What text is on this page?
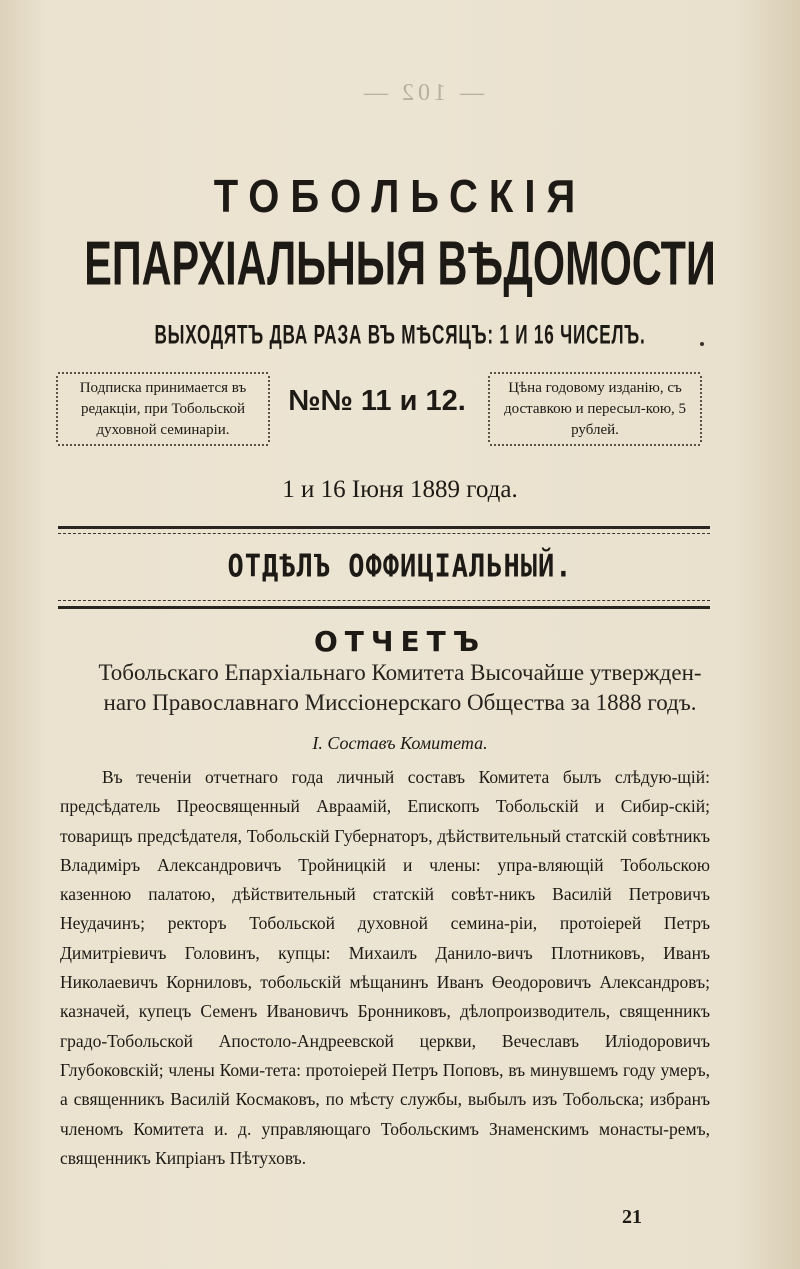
— 102 —
ТОБОЛЬСКІЯ
ЕПАРХІАЛЬНЫЯ ВѢДОМОСТИ
ВЫХОДЯТЪ ДВА РАЗА ВЪ МѢСЯЦЪ: 1 И 16 ЧИСЕЛЪ.
Подписка принимается въ редакціи, при Тобольской духовной семинаріи.
№№ 11 и 12.	Цѣна годовому изданію, съ доставкою и пересыл-кою, 5 рублей.
1 и 16 Іюня 1889 года.
ОТДѢЛЪ ОФФИЦІАЛЬНЫЙ.
ОТЧЕТЪ
Тобольскаго Епархіальнаго Комитета Высочайше утвержден-
наго Православнаго Миссіонерскаго Общества за 1888 годъ.
I. Составъ Комитета.

Въ теченіи отчетнаго года личный составъ Комитета былъ слѣдую-щій: предсѣдатель Преосвященный Авраамій, Епископъ Тобольскій и Сибир-скій; товарищъ предсѣдателя, Тобольскій Губернаторъ, дѣйствительный статскій совѣтникъ Владиміръ Александровичъ Тройницкій и члены: упра-вляющій Тобольскою казенною палатою, дѣйствительный статскій совѣт-никъ Василій Петровичъ Неудачинъ; ректоръ Тобольской духовной семина-ріи, протоіерей Петръ Димитріевичъ Головинъ, купцы: Михаилъ Данило-вичъ Плотниковъ, Иванъ Николаевичъ Корниловъ, тобольскій мѣщанинъ Иванъ Өеодоровичъ Александровъ; казначей, купецъ Семенъ Ивановичъ Бронниковъ, дѣлопроизводитель, священникъ градо-Тобольской Апостоло-Андреевской церкви, Вечеславъ Иліодоровичъ Глубоковскій; члены Коми-тета: протоіерей Петръ Поповъ, въ минувшемъ году умеръ, а священникъ Василій Космаковъ, по мѣсту службы, выбылъ изъ Тобольска; избранъ членомъ Комитета и. д. управляющаго Тобольскимъ Знаменскимъ монасты-ремъ, священникъ Кипріанъ Пѣтуховъ.

21
